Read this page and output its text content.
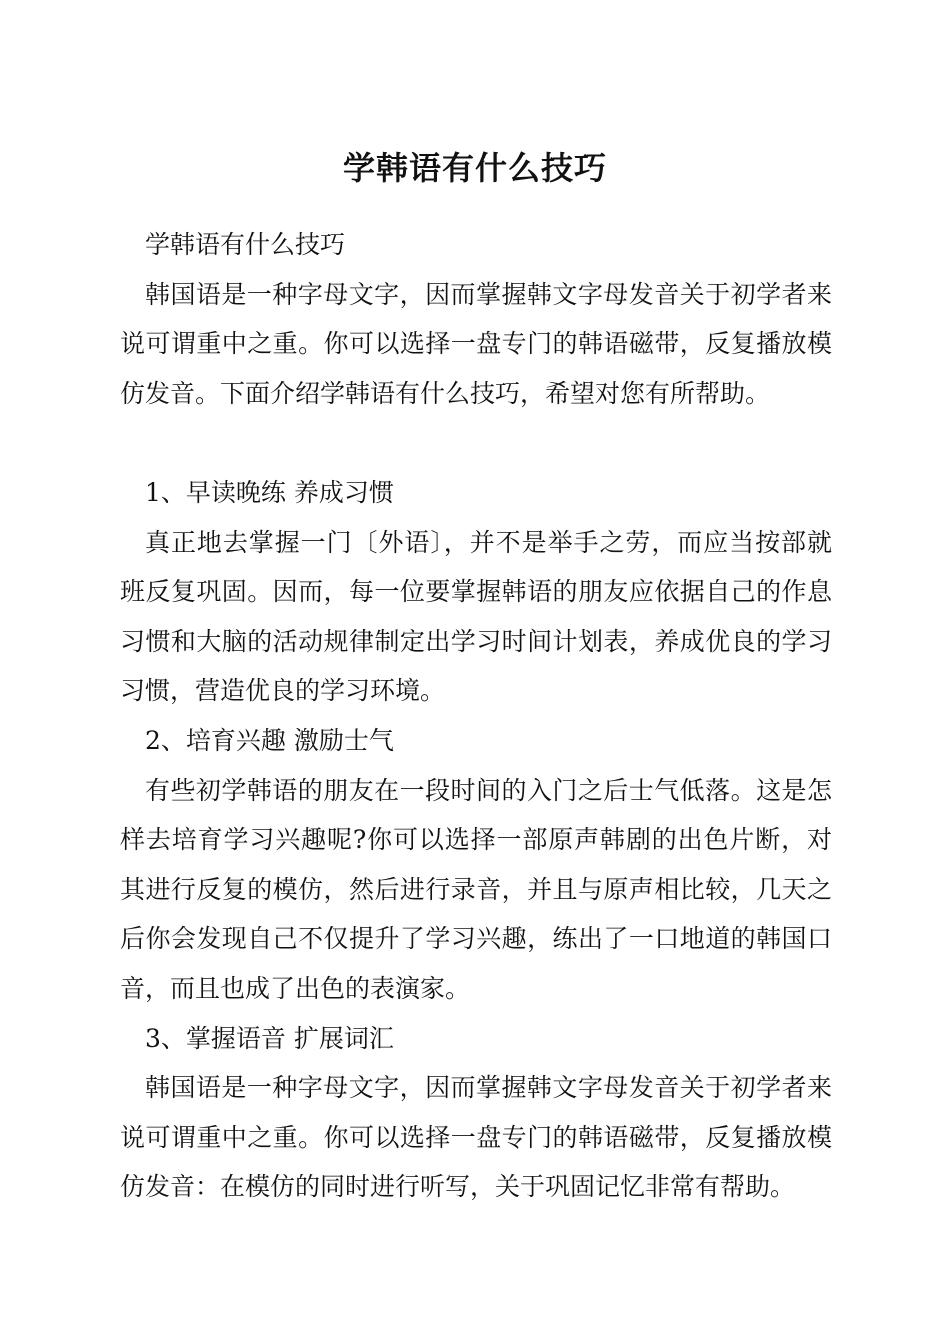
学韩语有什么技巧

学韩语有什么技巧

韩国语是一种字母文字，因而掌握韩文字母发音关于初学者来说可谓重中之重。你可以选择一盘专门的韩语磁带，反复播放模仿发音。下面介绍学韩语有什么技巧，希望对您有所帮助。

1、早读晚练 养成习惯

真正地去掌握一门〔外语〕，并不是举手之劳，而应当按部就班反复巩固。因而，每一位要掌握韩语的朋友应依据自己的作息习惯和大脑的活动规律制定出学习时间计划表，养成优良的学习习惯，营造优良的学习环境。

2、培育兴趣 激励士气

有些初学韩语的朋友在一段时间的入门之后士气低落。这是怎样去培育学习兴趣呢?你可以选择一部原声韩剧的出色片断，对其进行反复的模仿，然后进行录音，并且与原声相比较，几天之后你会发现自己不仅提升了学习兴趣，练出了一口地道的韩国口音，而且也成了出色的表演家。

3、掌握语音 扩展词汇

韩国语是一种字母文字，因而掌握韩文字母发音关于初学者来说可谓重中之重。你可以选择一盘专门的韩语磁带，反复播放模仿发音：在模仿的同时进行听写，关于巩固记忆非常有帮助。
